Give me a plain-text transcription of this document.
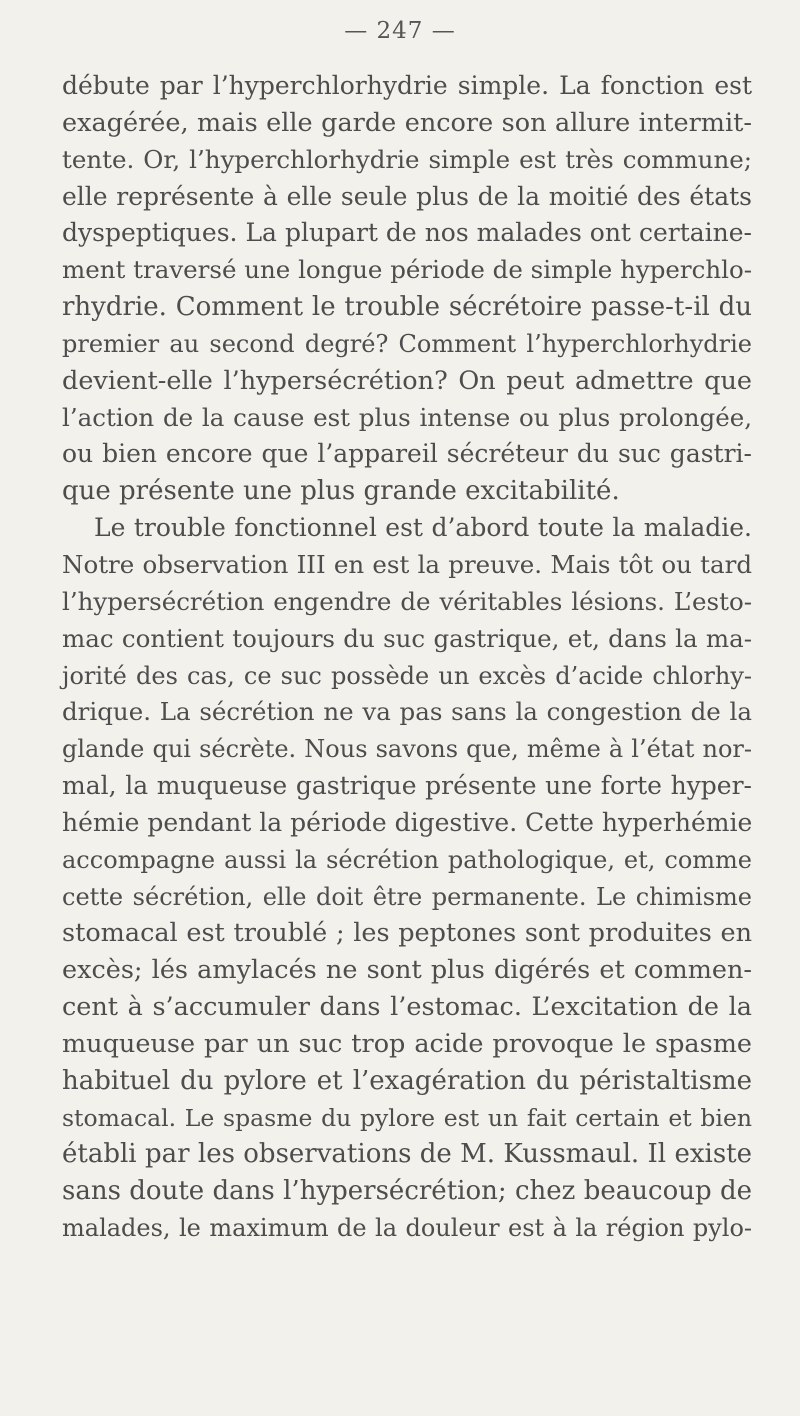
— 247 —
débute par l’hyperchlorhydrie simple. La fonction est
exagérée, mais elle garde encore son allure intermit-
tente. Or, l’hyperchlorhydrie simple est très commune;
elle représente à elle seule plus de la moitié des états
dyspeptiques. La plupart de nos malades ont certaine-
ment traversé une longue période de simple hyperchlo-
rhydrie. Comment le trouble sécrétoire passe-t-il du
premier au second degré? Comment l’hyperchlorhydrie
devient-elle l’hypersécrétion? On peut admettre que
l’action de la cause est plus intense ou plus prolongée,
ou bien encore que l’appareil sécréteur du suc gastri-
que présente une plus grande excitabilité.
Le trouble fonctionnel est d’abord toute la maladie.
Notre observation III en est la preuve. Mais tôt ou tard
l’hypersécrétion engendre de véritables lésions. L’esto-
mac contient toujours du suc gastrique, et, dans la ma-
jorité des cas, ce suc possède un excès d’acide chlorhy-
drique. La sécrétion ne va pas sans la congestion de la
glande qui sécrète. Nous savons que, même à l’état nor-
mal, la muqueuse gastrique présente une forte hyper-
hémie pendant la période digestive. Cette hyperhémie
accompagne aussi la sécrétion pathologique, et, comme
cette sécrétion, elle doit être permanente. Le chimisme
stomacal est troublé ; les peptones sont produites en
excès; lés amylacés ne sont plus digérés et commen-
cent à s’accumuler dans l’estomac. L’excitation de la
muqueuse par un suc trop acide provoque le spasme
habituel du pylore et l’exagération du péristaltisme
stomacal. Le spasme du pylore est un fait certain et bien
établi par les observations de M. Kussmaul. Il existe
sans doute dans l’hypersécrétion; chez beaucoup de
malades, le maximum de la douleur est à la région pylo-
